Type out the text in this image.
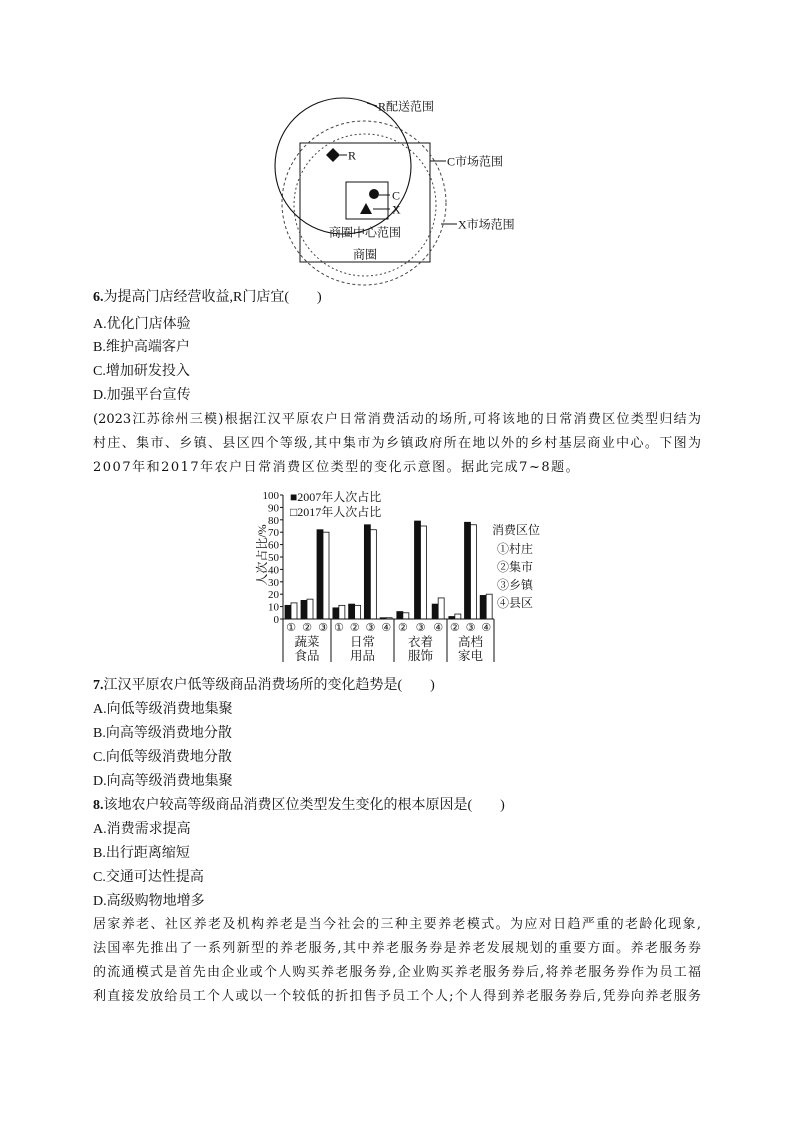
R
C
X
商圈中心范围
商圈
R配送范围
C市场范围
X市场范围
6.为提高门店经营收益,R门店宜(　　)
A.优化门店体验
B.维护高端客户
C.增加研发投入
D.加强平台宣传
(2023江苏徐州三模)根据江汉平原农户日常消费活动的场所,可将该地的日常消费区位类型归结为
村庄、集市、乡镇、县区四个等级,其中集市为乡镇政府所在地以外的乡村基层商业中心。下图为
2007年和2017年农户日常消费区位类型的变化示意图。据此完成7~8题。
人次占比/%
■2007年人次占比
□2017年人次占比
消费区位
①村庄
②集市
③乡镇
④县区
0
10
20
30
40
50
60
70
80
90
100
① ② ③
蔬菜
食品
① ② ③ ④
日常
用品
② ③ ④
衣着
服饰
② ③ ④
高档
家电
7.江汉平原农户低等级商品消费场所的变化趋势是(　　)
A.向低等级消费地集聚
B.向高等级消费地分散
C.向低等级消费地分散
D.向高等级消费地集聚
8.该地农户较高等级商品消费区位类型发生变化的根本原因是(　　)
A.消费需求提高
B.出行距离缩短
C.交通可达性提高
D.高级购物地增多
居家养老、社区养老及机构养老是当今社会的三种主要养老模式。为应对日趋严重的老龄化现象,
法国率先推出了一系列新型的养老服务,其中养老服务券是养老发展规划的重要方面。养老服务券
的流通模式是首先由企业或个人购买养老服务券,企业购买养老服务券后,将养老服务券作为员工福
利直接发放给员工个人或以一个较低的折扣售予员工个人;个人得到养老服务券后,凭券向养老服务
